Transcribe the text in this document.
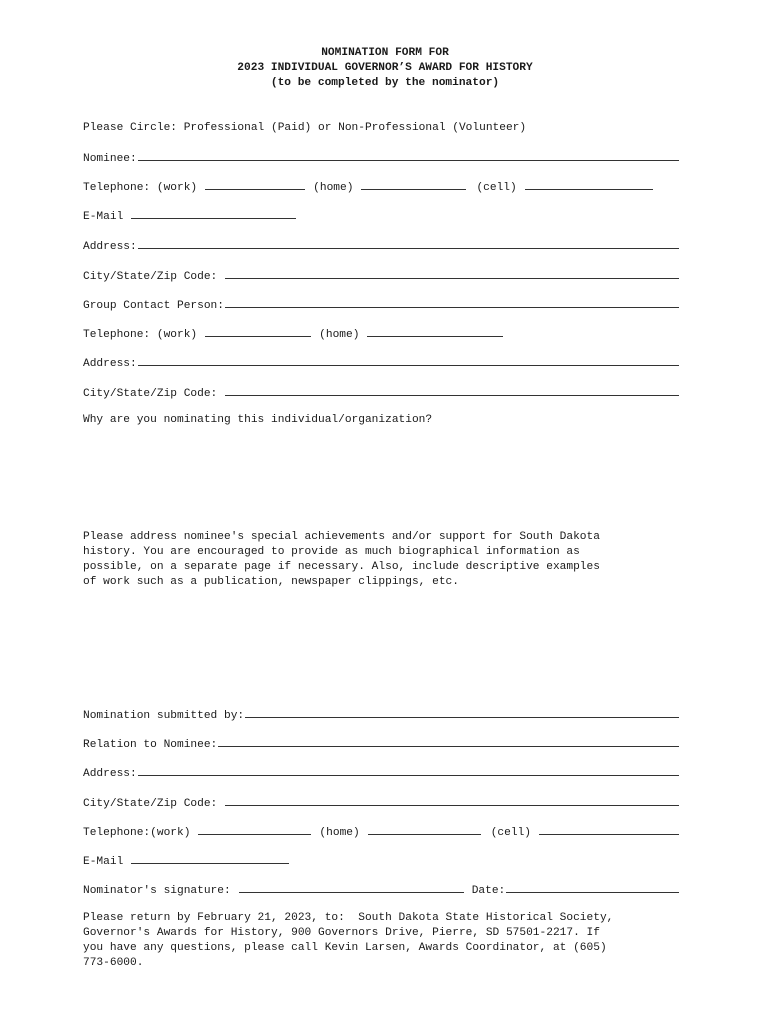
NOMINATION FORM FOR
2023 INDIVIDUAL GOVERNOR’S AWARD FOR HISTORY
(to be completed by the nominator)
Please Circle: Professional (Paid) or Non-Professional (Volunteer)
Nominee:
Telephone: (work)	(home)	(cell)
E-Mail
Address:
City/State/Zip Code:
Group Contact Person:
Telephone: (work)	(home)
Address:
City/State/Zip Code:
Why are you nominating this individual/organization?
Please address nominee's special achievements and/or support for South Dakota
history. You are encouraged to provide as much biographical information as
possible, on a separate page if necessary. Also, include descriptive examples
of work such as a publication, newspaper clippings, etc.
Nomination submitted by:
Relation to Nominee:
Address:
City/State/Zip Code:
Telephone:(work)	(home)	(cell)
E-Mail
Nominator's signature:	Date:
Please return by February 21, 2023, to:  South Dakota State Historical Society,
Governor's Awards for History, 900 Governors Drive, Pierre, SD 57501-2217. If
you have any questions, please call Kevin Larsen, Awards Coordinator, at (605)
773-6000.
